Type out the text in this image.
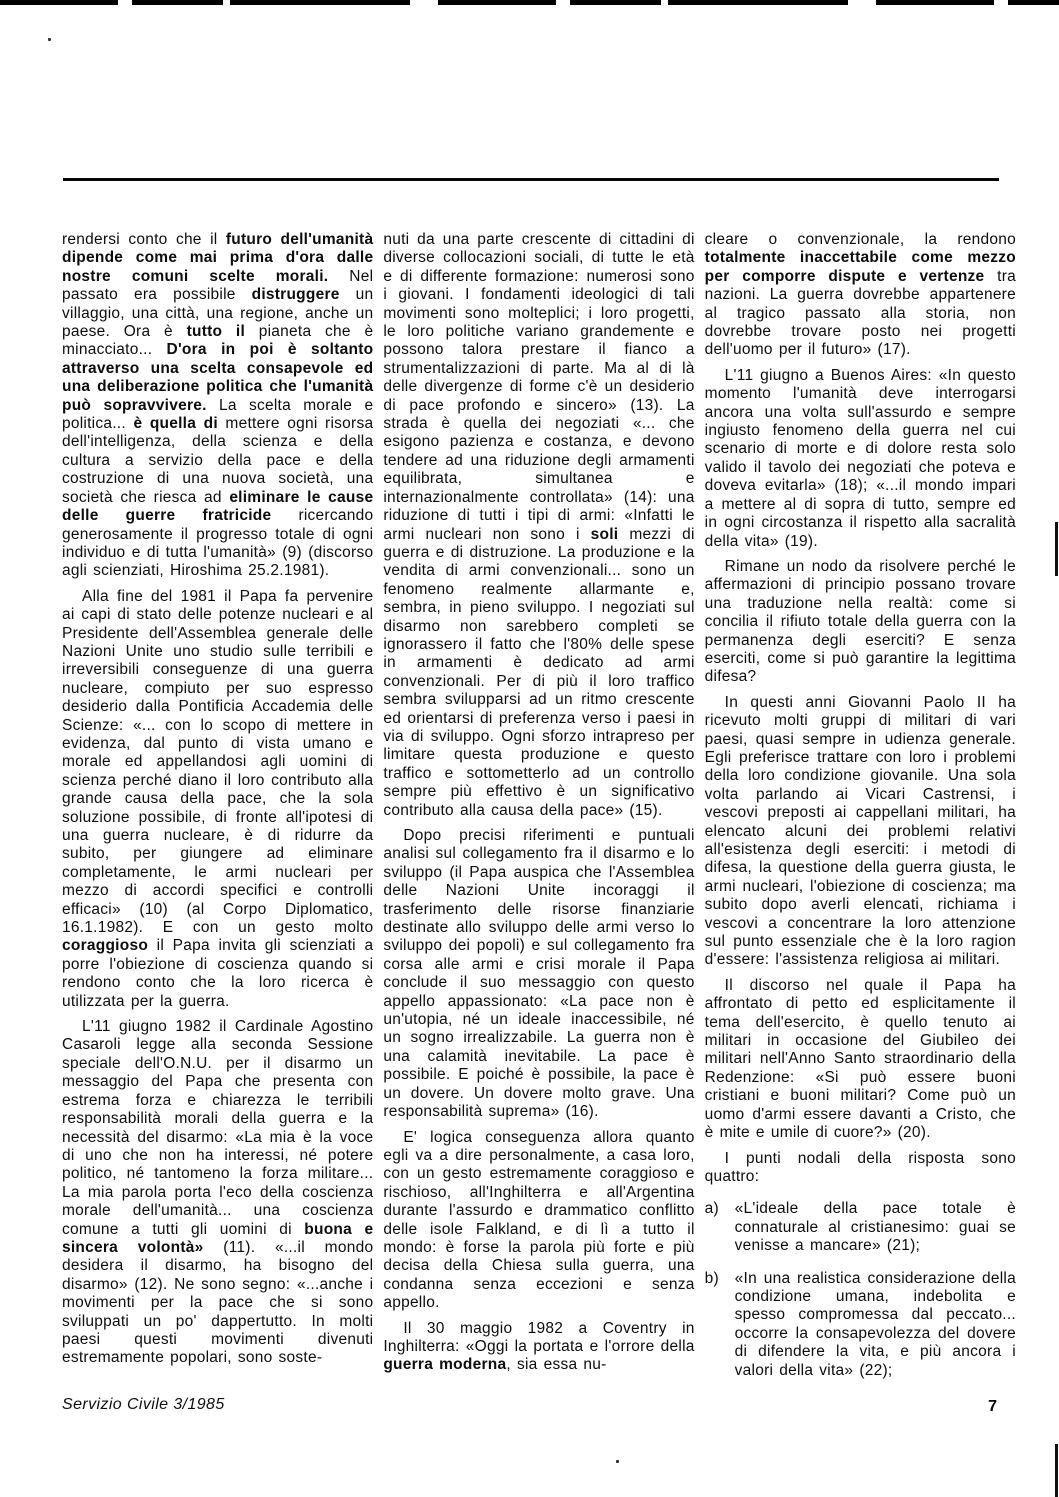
rendersi conto che il futuro dell'umanità dipende come mai prima d'ora dalle nostre comuni scelte morali. Nel passato era possibile distruggere un villaggio, una città, una regione, anche un paese. Ora è tutto il pianeta che è minacciato... D'ora in poi è soltanto attraverso una scelta consapevole ed una deliberazione politica che l'umanità può sopravvivere. La scelta morale e politica... è quella di mettere ogni risorsa dell'intelligenza, della scienza e della cultura a servizio della pace e della costruzione di una nuova società, una società che riesca ad eliminare le cause delle guerre fratricide ricercando generosamente il progresso totale di ogni individuo e di tutta l'umanità» (9) (discorso agli scienziati, Hiroshima 25.2.1981).

Alla fine del 1981 il Papa fa pervenire ai capi di stato delle potenze nucleari e al Presidente dell'Assemblea generale delle Nazioni Unite uno studio sulle terribili e irreversibili conseguenze di una guerra nucleare, compiuto per suo espresso desiderio dalla Pontificia Accademia delle Scienze: «... con lo scopo di mettere in evidenza, dal punto di vista umano e morale ed appellandosi agli uomini di scienza perché diano il loro contributo alla grande causa della pace, che la sola soluzione possibile, di fronte all'ipotesi di una guerra nucleare, è di ridurre da subito, per giungere ad eliminare completamente, le armi nucleari per mezzo di accordi specifici e controlli efficaci» (10) (al Corpo Diplomatico, 16.1.1982). E con un gesto molto coraggioso il Papa invita gli scienziati a porre l'obiezione di coscienza quando si rendono conto che la loro ricerca è utilizzata per la guerra.

L'11 giugno 1982 il Cardinale Agostino Casaroli legge alla seconda Sessione speciale dell'O.N.U. per il disarmo un messaggio del Papa che presenta con estrema forza e chiarezza le terribili responsabilità morali della guerra e la necessità del disarmo: «La mia è la voce di uno che non ha interessi, né potere politico, né tantomeno la forza militare... La mia parola porta l'eco della coscienza morale dell'umanità... una coscienza comune a tutti gli uomini di buona e sincera volontà» (11). «...il mondo desidera il disarmo, ha bisogno del disarmo» (12). Ne sono segno: «...anche i movimenti per la pace che si sono sviluppati un po' dappertutto. In molti paesi questi movimenti divenuti estremamente popolari, sono soste-

nuti da una parte crescente di cittadini di diverse collocazioni sociali, di tutte le età e di differente formazione: numerosi sono i giovani. I fondamenti ideologici di tali movimenti sono molteplici; i loro progetti, le loro politiche variano grandemente e possono talora prestare il fianco a strumentalizzazioni di parte. Ma al di là delle divergenze di forme c'è un desiderio di pace profondo e sincero» (13). La strada è quella dei negoziati «... che esigono pazienza e costanza, e devono tendere ad una riduzione degli armamenti equilibrata, simultanea e internazionalmente controllata» (14): una riduzione di tutti i tipi di armi: «Infatti le armi nucleari non sono i soli mezzi di guerra e di distruzione. La produzione e la vendita di armi convenzionali... sono un fenomeno realmente allarmante e, sembra, in pieno sviluppo. I negoziati sul disarmo non sarebbero completi se ignorassero il fatto che l'80% delle spese in armamenti è dedicato ad armi convenzionali. Per di più il loro traffico sembra svilupparsi ad un ritmo crescente ed orientarsi di preferenza verso i paesi in via di sviluppo. Ogni sforzo intrapreso per limitare questa produzione e questo traffico e sottometterlo ad un controllo sempre più effettivo è un significativo contributo alla causa della pace» (15).

Dopo precisi riferimenti e puntuali analisi sul collegamento fra il disarmo e lo sviluppo (il Papa auspica che l'Assemblea delle Nazioni Unite incoraggi il trasferimento delle risorse finanziarie destinate allo sviluppo delle armi verso lo sviluppo dei popoli) e sul collegamento fra corsa alle armi e crisi morale il Papa conclude il suo messaggio con questo appello appassionato: «La pace non è un'utopia, né un ideale inaccessibile, né un sogno irrealizzabile. La guerra non è una calamità inevitabile. La pace è possibile. E poiché è possibile, la pace è un dovere. Un dovere molto grave. Una responsabilità suprema» (16).

E' logica conseguenza allora quanto egli va a dire personalmente, a casa loro, con un gesto estremamente coraggioso e rischioso, all'Inghilterra e all'Argentina durante l'assurdo e drammatico conflitto delle isole Falkland, e di lì a tutto il mondo: è forse la parola più forte e più decisa della Chiesa sulla guerra, una condanna senza eccezioni e senza appello.

Il 30 maggio 1982 a Coventry in Inghilterra: «Oggi la portata e l'orrore della guerra moderna, sia essa nu-

cleare o convenzionale, la rendono totalmente inaccettabile come mezzo per comporre dispute e vertenze tra nazioni. La guerra dovrebbe appartenere al tragico passato alla storia, non dovrebbe trovare posto nei progetti dell'uomo per il futuro» (17).

L'11 giugno a Buenos Aires: «In questo momento l'umanità deve interrogarsi ancora una volta sull'assurdo e sempre ingiusto fenomeno della guerra nel cui scenario di morte e di dolore resta solo valido il tavolo dei negoziati che poteva e doveva evitarla» (18); «...il mondo impari a mettere al di sopra di tutto, sempre ed in ogni circostanza il rispetto alla sacralità della vita» (19).

Rimane un nodo da risolvere perché le affermazioni di principio possano trovare una traduzione nella realtà: come si concilia il rifiuto totale della guerra con la permanenza degli eserciti? E senza eserciti, come si può garantire la legittima difesa?

In questi anni Giovanni Paolo II ha ricevuto molti gruppi di militari di vari paesi, quasi sempre in udienza generale. Egli preferisce trattare con loro i problemi della loro condizione giovanile. Una sola volta parlando ai Vicari Castrensi, i vescovi preposti ai cappellani militari, ha elencato alcuni dei problemi relativi all'esistenza degli eserciti: i metodi di difesa, la questione della guerra giusta, le armi nucleari, l'obiezione di coscienza; ma subito dopo averli elencati, richiama i vescovi a concentrare la loro attenzione sul punto essenziale che è la loro ragion d'essere: l'assistenza religiosa ai militari.

Il discorso nel quale il Papa ha affrontato di petto ed esplicitamente il tema dell'esercito, è quello tenuto ai militari in occasione del Giubileo dei militari nell'Anno Santo straordinario della Redenzione: «Si può essere buoni cristiani e buoni militari? Come può un uomo d'armi essere davanti a Cristo, che è mite e umile di cuore?» (20).

I punti nodali della risposta sono quattro:

a)	«L'ideale della pace totale è connaturale al cristianesimo: guai se venisse a mancare» (21);

b)	«In una realistica considerazione della condizione umana, indebolita e spesso compromessa dal peccato... occorre la consapevolezza del dovere di difendere la vita, e più ancora i valori della vita» (22);

Servizio Civile 3/1985	7
